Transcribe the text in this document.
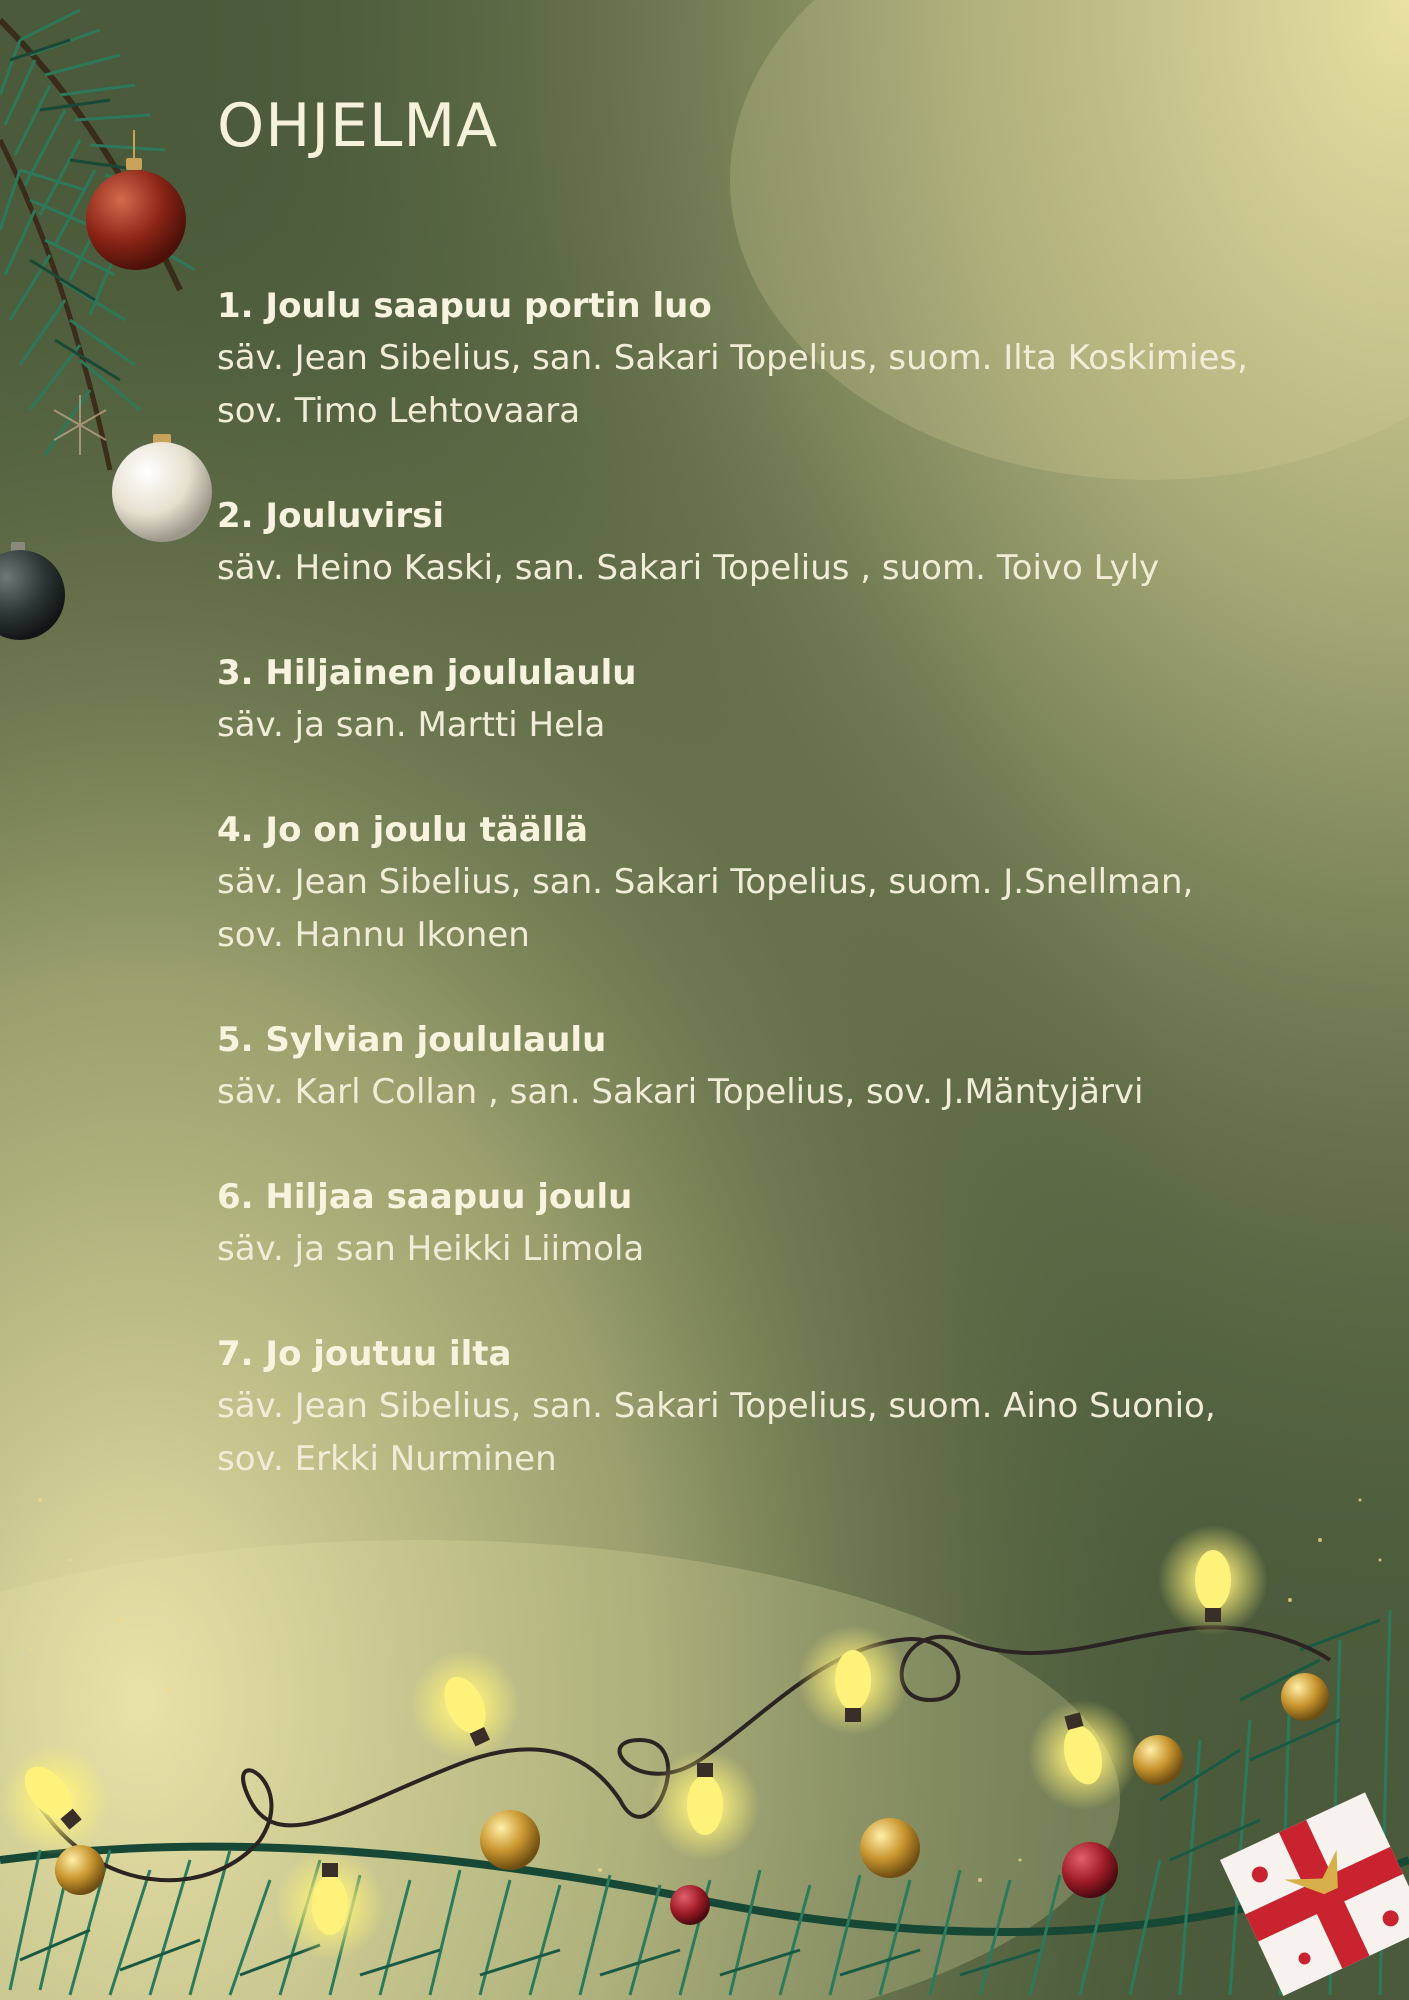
OHJELMA
1. Joulu saapuu portin luo
säv. Jean Sibelius, san. Sakari Topelius, suom. Ilta Koskimies,
sov. Timo Lehtovaara
2. Jouluvirsi
säv. Heino Kaski, san. Sakari Topelius , suom. Toivo Lyly
3. Hiljainen joululaulu
säv. ja san. Martti Hela
4. Jo on joulu täällä
säv. Jean Sibelius, san. Sakari Topelius, suom. J.Snellman,
sov. Hannu Ikonen
5. Sylvian joululaulu
säv. Karl Collan , san. Sakari Topelius, sov. J.Mäntyjärvi
6. Hiljaa saapuu joulu
säv. ja san Heikki Liimola
7. Jo joutuu ilta
säv. Jean Sibelius, san. Sakari Topelius, suom. Aino Suonio,
sov. Erkki Nurminen
